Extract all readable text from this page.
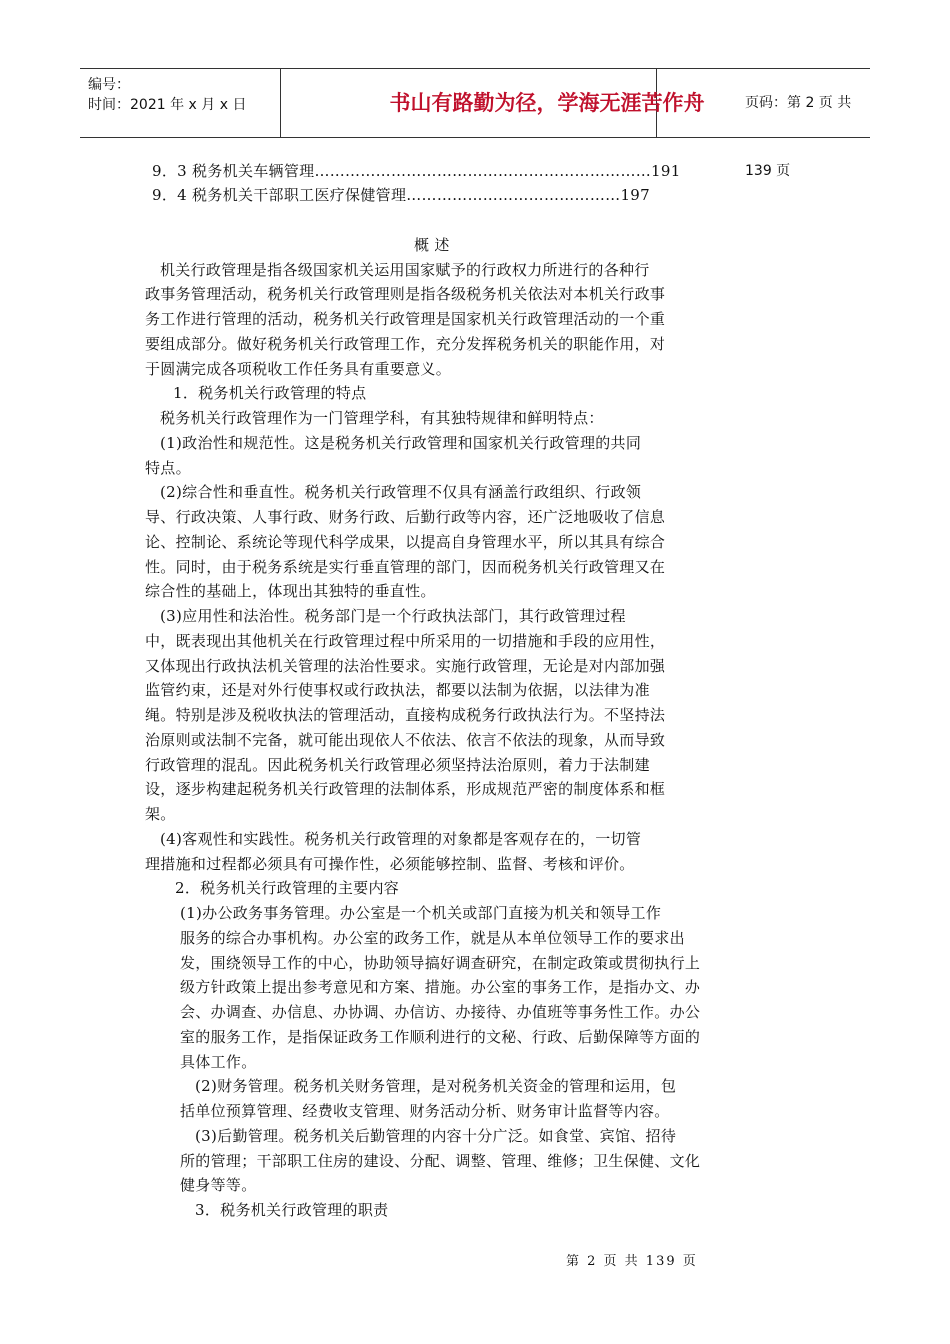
编号：
时间：2021 年 x 月 x 日	书山有路勤为径，学海无涯苦作舟	页码：第 2 页 共 139 页
9．3 税务机关车辆管理…………………………………………………………191
9．4 税务机关干部职工医疗保健管理……………………………………197
概 述
机关行政管理是指各级国家机关运用国家赋予的行政权力所进行的各种行
政事务管理活动，税务机关行政管理则是指各级税务机关依法对本机关行政事
务工作进行管理的活动，税务机关行政管理是国家机关行政管理活动的一个重
要组成部分。做好税务机关行政管理工作，充分发挥税务机关的职能作用，对
于圆满完成各项税收工作任务具有重要意义。
1．税务机关行政管理的特点
税务机关行政管理作为一门管理学科，有其独特规律和鲜明特点：
(1)政治性和规范性。这是税务机关行政管理和国家机关行政管理的共同
特点。
(2)综合性和垂直性。税务机关行政管理不仅具有涵盖行政组织、行政领
导、行政决策、人事行政、财务行政、后勤行政等内容，还广泛地吸收了信息
论、控制论、系统论等现代科学成果，以提高自身管理水平，所以其具有综合
性。同时，由于税务系统是实行垂直管理的部门，因而税务机关行政管理又在
综合性的基础上，体现出其独特的垂直性。
(3)应用性和法治性。税务部门是一个行政执法部门，其行政管理过程
中，既表现出其他机关在行政管理过程中所采用的一切措施和手段的应用性，
又体现出行政执法机关管理的法治性要求。实施行政管理，无论是对内部加强
监管约束，还是对外行使事权或行政执法，都要以法制为依据，以法律为准
绳。特别是涉及税收执法的管理活动，直接构成税务行政执法行为。不坚持法
治原则或法制不完备，就可能出现依人不依法、依言不依法的现象，从而导致
行政管理的混乱。因此税务机关行政管理必须坚持法治原则，着力于法制建
设，逐步构建起税务机关行政管理的法制体系，形成规范严密的制度体系和框
架。
(4)客观性和实践性。税务机关行政管理的对象都是客观存在的，一切管
理措施和过程都必须具有可操作性，必须能够控制、监督、考核和评价。
2．税务机关行政管理的主要内容
(1)办公政务事务管理。办公室是一个机关或部门直接为机关和领导工作
服务的综合办事机构。办公室的政务工作，就是从本单位领导工作的要求出
发，围绕领导工作的中心，协助领导搞好调查研究，在制定政策或贯彻执行上
级方针政策上提出参考意见和方案、措施。办公室的事务工作，是指办文、办
会、办调查、办信息、办协调、办信访、办接待、办值班等事务性工作。办公
室的服务工作，是指保证政务工作顺利进行的文秘、行政、后勤保障等方面的
具体工作。
(2)财务管理。税务机关财务管理，是对税务机关资金的管理和运用，包
括单位预算管理、经费收支管理、财务活动分析、财务审计监督等内容。
(3)后勤管理。税务机关后勤管理的内容十分广泛。如食堂、宾馆、招待
所的管理；干部职工住房的建设、分配、调整、管理、维修；卫生保健、文化
健身等等。
3．税务机关行政管理的职责
第 2 页 共 139 页
